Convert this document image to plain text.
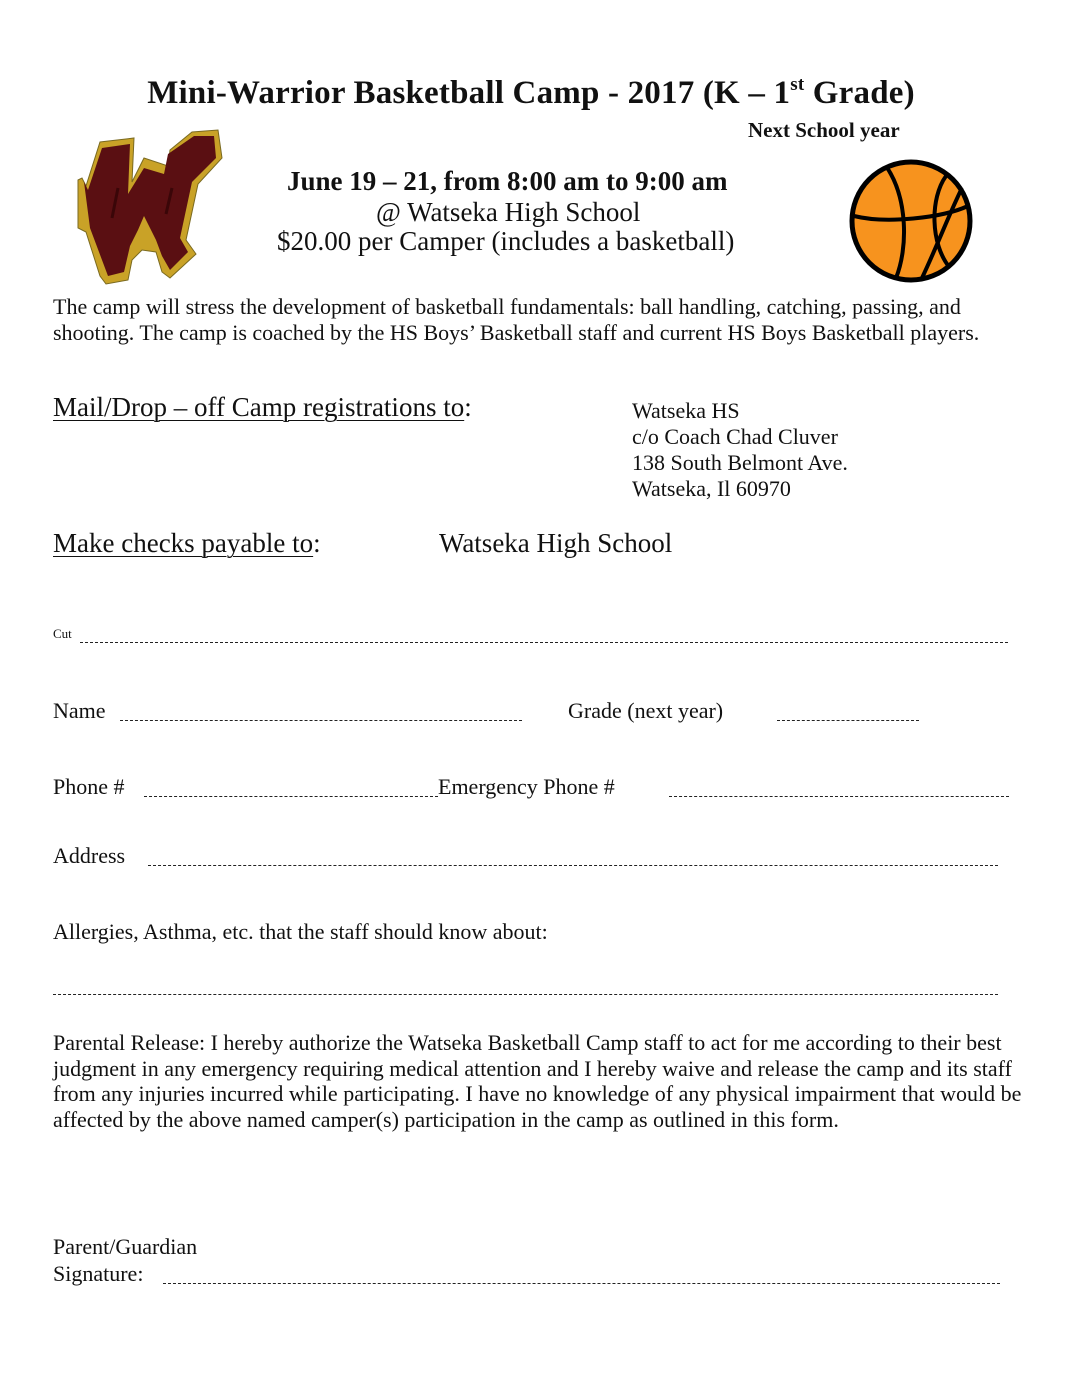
Mini-Warrior Basketball Camp - 2017 (K – 1st Grade)
Next School year
June 19 – 21, from 8:00 am to 9:00 am
@ Watseka High School
$20.00 per Camper (includes a basketball)
The camp will stress the development of basketball fundamentals: ball handling, catching, passing, and shooting. The camp is coached by the HS Boys’ Basketball staff and current HS Boys Basketball players.
Mail/Drop – off Camp registrations to:	Watseka HS
c/o Coach Chad Cluver
138 South Belmont Ave.
Watseka, Il 60970
Make checks payable to:	Watseka High School
Cut
Name	Grade (next year)
Phone #	Emergency Phone #
Address
Allergies, Asthma, etc. that the staff should know about:
Parental Release: I hereby authorize the Watseka Basketball Camp staff to act for me according to their best judgment in any emergency requiring medical attention and I hereby waive and release the camp and its staff from any injuries incurred while participating. I have no knowledge of any physical impairment that would be affected by the above named camper(s) participation in the camp as outlined in this form.
Parent/Guardian
Signature:
